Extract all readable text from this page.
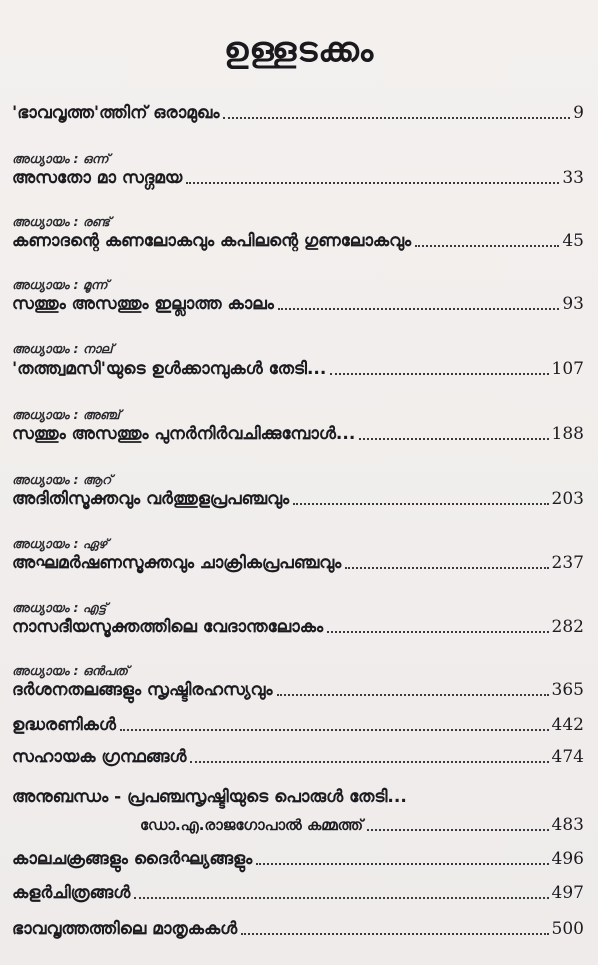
ഉള്ളടക്കം
'ഭാവവൃത്ത'ത്തിന് ഒരാമുഖം	9
അധ്യായം : ഒന്ന്
അസതോ മാ സദ്ഗമയ	33
അധ്യായം : രണ്ട്
കണാദന്റെ കണലോകവും കപിലന്റെ ഗുണലോകവും	45
അധ്യായം : മൂന്ന്
സത്തും അസത്തും ഇല്ലാത്ത കാലം	93
അധ്യായം : നാല്
'തത്ത്വമസി'യുടെ ഉൾക്കാമ്പുകൾ തേടി...	107
അധ്യായം : അഞ്ച്
സത്തും അസത്തും പുനർനിർവചിക്കുമ്പോൾ...	188
അധ്യായം : ആറ്
അദിതിസൂക്തവും വർത്തുളപ്രപഞ്ചവും	203
അധ്യായം : ഏഴ്
അഘമർഷണസൂക്തവും ചാക്രികപ്രപഞ്ചവും	237
അധ്യായം : എട്ട്
നാസദീയസൂക്തത്തിലെ വേദാന്തലോകം	282
അധ്യായം : ഒൻപത്
ദർശനതലങ്ങളും സൃഷ്ടിരഹസ്യവും	365
ഉദ്ധരണികൾ	442
സഹായക ഗ്രന്ഥങ്ങൾ	474
അനുബന്ധം - പ്രപഞ്ചസൃഷ്ടിയുടെ പൊരുൾ തേടി...
ഡോ.എ.രാജഗോപാൽ കമ്മത്ത്	483
കാലചക്രങ്ങളും ദൈർഘ്യങ്ങളും	496
കളർചിത്രങ്ങൾ	497
ഭാവവൃത്തത്തിലെ മാതൃകകൾ	500
